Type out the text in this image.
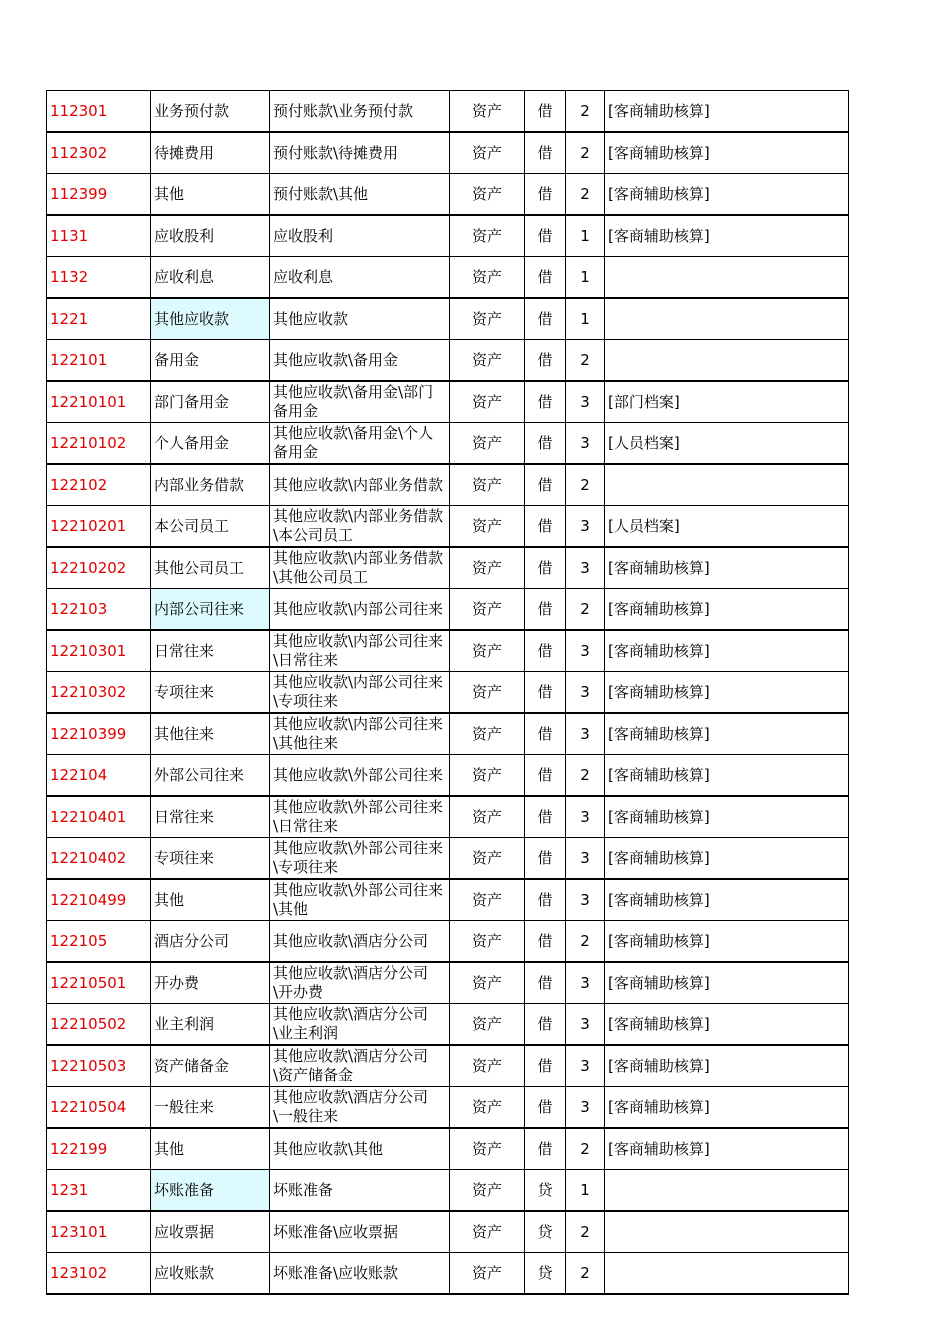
112301	业务预付款	预付账款\业务预付款	资产	借	2	[客商辅助核算]
112302	待摊费用	预付账款\待摊费用	资产	借	2	[客商辅助核算]
112399	其他	预付账款\其他	资产	借	2	[客商辅助核算]
1131	应收股利	应收股利	资产	借	1	[客商辅助核算]
1132	应收利息	应收利息	资产	借	1	
1221	其他应收款	其他应收款	资产	借	1	
122101	备用金	其他应收款\备用金	资产	借	2	
12210101	部门备用金	其他应收款\备用金\部门备用金	资产	借	3	[部门档案]
12210102	个人备用金	其他应收款\备用金\个人备用金	资产	借	3	[人员档案]
122102	内部业务借款	其他应收款\内部业务借款	资产	借	2	
12210201	本公司员工	其他应收款\内部业务借款\本公司员工	资产	借	3	[人员档案]
12210202	其他公司员工	其他应收款\内部业务借款\其他公司员工	资产	借	3	[客商辅助核算]
122103	内部公司往来	其他应收款\内部公司往来	资产	借	2	[客商辅助核算]
12210301	日常往来	其他应收款\内部公司往来\日常往来	资产	借	3	[客商辅助核算]
12210302	专项往来	其他应收款\内部公司往来\专项往来	资产	借	3	[客商辅助核算]
12210399	其他往来	其他应收款\内部公司往来\其他往来	资产	借	3	[客商辅助核算]
122104	外部公司往来	其他应收款\外部公司往来	资产	借	2	[客商辅助核算]
12210401	日常往来	其他应收款\外部公司往来\日常往来	资产	借	3	[客商辅助核算]
12210402	专项往来	其他应收款\外部公司往来\专项往来	资产	借	3	[客商辅助核算]
12210499	其他	其他应收款\外部公司往来\其他	资产	借	3	[客商辅助核算]
122105	酒店分公司	其他应收款\酒店分公司	资产	借	2	[客商辅助核算]
12210501	开办费	其他应收款\酒店分公司\开办费	资产	借	3	[客商辅助核算]
12210502	业主利润	其他应收款\酒店分公司\业主利润	资产	借	3	[客商辅助核算]
12210503	资产储备金	其他应收款\酒店分公司\资产储备金	资产	借	3	[客商辅助核算]
12210504	一般往来	其他应收款\酒店分公司\一般往来	资产	借	3	[客商辅助核算]
122199	其他	其他应收款\其他	资产	借	2	[客商辅助核算]
1231	坏账准备	坏账准备	资产	贷	1	
123101	应收票据	坏账准备\应收票据	资产	贷	2	
123102	应收账款	坏账准备\应收账款	资产	贷	2	
